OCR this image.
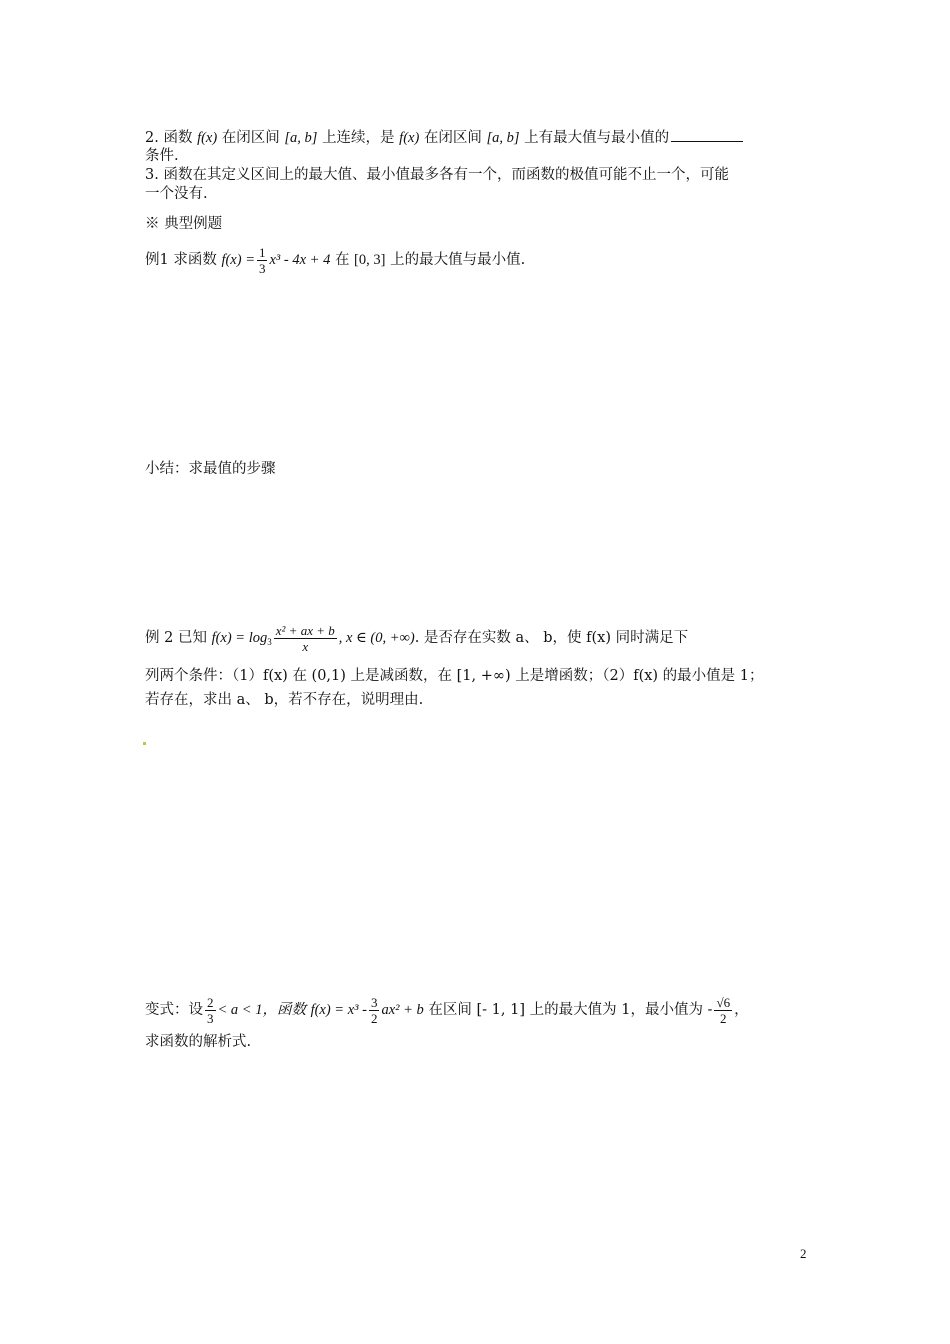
2. 函数 f(x) 在闭区间 [a, b] 上连续，是 f(x) 在闭区间 [a, b] 上有最大值与最小值的
条件.
3. 函数在其定义区间上的最大值、最小值最多各有一个，而函数的极值可能不止一个，可能
一个没有.
※ 典型例题
例1 求函数 $f(x) = \frac{1}{3} x^3 - 4x + 4$ 在 [0, 3] 上的最大值与最小值.
小结：求最值的步骤
例 2 已知 $f(x) = \log_3 \frac{\text{x² + ax + b}}{x}$ , x ∈ (0, +∞). 是否存在实数 a、 b，使 f(x) 同时满足下
列两个条件：（1）f(x) 在 (0,1) 上是减函数，在 [1, +∞) 上是增函数；（2）f(x) 的最小值是 1；
若存在，求出 a、 b，若不存在，说明理由.
变式：设 $\frac{2}{3} < a < 1$，函数 $f(x) = x^3 - \frac{3}{2} ax^2 + b$ 在区间 [- 1, 1] 上的最大值为 1，最小值为 - $\frac{√6}{2}$ ，
求函数的解析式.
2
